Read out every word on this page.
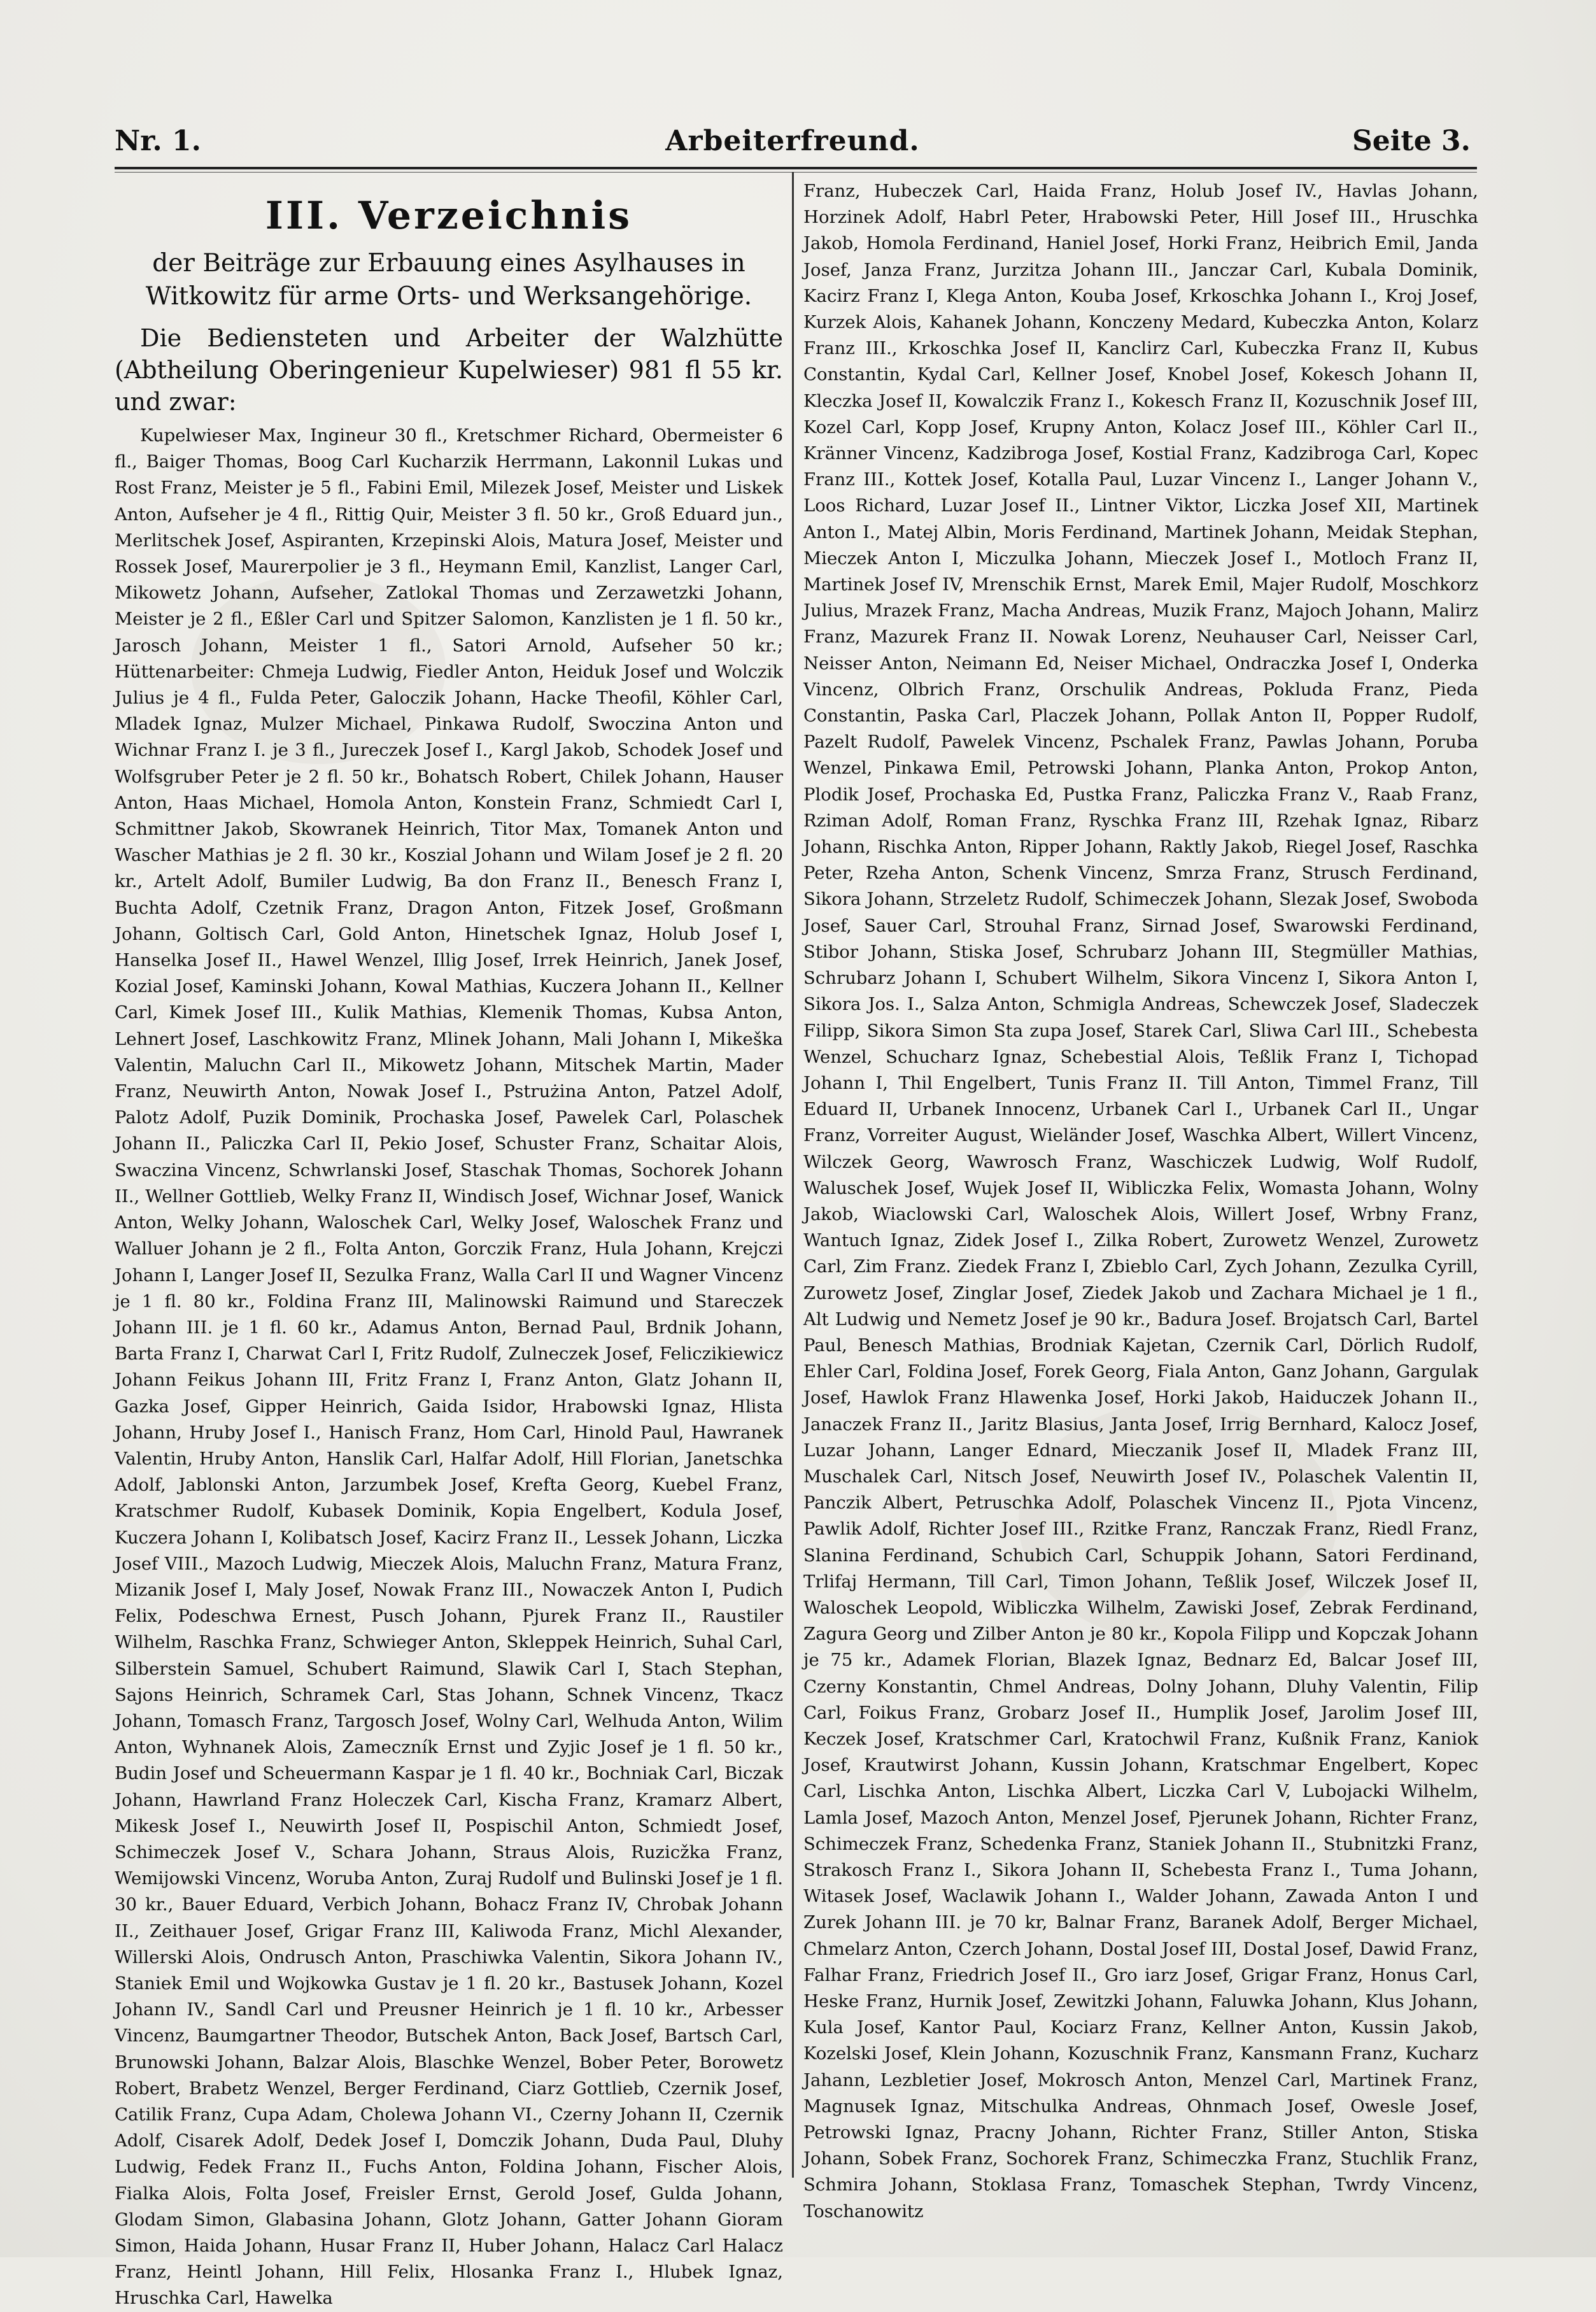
Nr. 1.	Arbeiterfreund.	Seite 3.
III. Verzeichnis
der Beiträge zur Erbauung eines Asylhauses in Witkowitz für arme Orts- und Werksangehörige.

Die Bediensteten und Arbeiter der Walzhütte (Abtheilung Oberingenieur Kupelwieser) 981 fl 55 kr. und zwar:

Kupelwieser Max, Ingineur 30 fl., Kretschmer Richard, Obermeister 6 fl., Baiger Thomas, Boog Carl Kucharzik Herrmann, Lakonnil Lukas und Rost Franz, Meister je 5 fl., Fabini Emil, Milezek Josef, Meister und Liskek Anton, Aufseher je 4 fl., Rittig Quir, Meister 3 fl. 50 kr., Groß Eduard jun., Merlitschek Josef, Aspiranten, Krzepinski Alois, Matura Josef, Meister und Rossek Josef, Maurerpolier je 3 fl., Heymann Emil, Kanzlist, Langer Carl, Mikowetz Johann, Aufseher, Zatlokal Thomas und Zerzawetzki Johann, Meister je 2 fl., Eßler Carl und Spitzer Salomon, Kanzlisten je 1 fl. 50 kr., Jarosch Johann, Meister 1 fl., Satori Arnold, Aufseher 50 kr.; Hüttenarbeiter: Chmeja Ludwig, Fiedler Anton, Heiduk Josef und Wolczik Julius je 4 fl., Fulda Peter, Galoczik Johann, Hacke Theofil, Köhler Carl, Mladek Ignaz, Mulzer Michael, Pinkawa Rudolf, Swoczina Anton und Wichnar Franz I. je 3 fl., Jureczek Josef I., Kargl Jakob, Schodek Josef und Wolfsgruber Peter je 2 fl. 50 kr., Bohatsch Robert, Chilek Johann, Hauser Anton, Haas Michael, Homola Anton, Konstein Franz, Schmiedt Carl I, Schmittner Jakob, Skowranek Heinrich, Titor Max, Tomanek Anton und Wascher Mathias je 2 fl. 30 kr., Koszial Johann und Wilam Josef je 2 fl. 20 kr., Artelt Adolf, Bumiler Ludwig, Ba don Franz II., Benesch Franz I, Buchta Adolf, Czetnik Franz, Dragon Anton, Fitzek Josef, Großmann Johann, Goltisch Carl, Gold Anton, Hinetschek Ignaz, Holub Josef I, Hanselka Josef II., Hawel Wenzel, Illig Josef, Irrek Heinrich, Janek Josef, Kozial Josef, Kaminski Johann, Kowal Mathias, Kuczera Johann II., Kellner Carl, Kimek Josef III., Kulik Mathias, Klemenik Thomas, Kubsa Anton, Lehnert Josef, Laschkowitz Franz, Mlinek Johann, Mali Johann I, Mikeška Valentin, Maluchn Carl II., Mikowetz Johann, Mitschek Martin, Mader Franz, Neuwirth Anton, Nowak Josef I., Pstrużina Anton, Patzel Adolf, Palotz Adolf, Puzik Dominik, Prochaska Josef, Pawelek Carl, Polaschek Johann II., Paliczka Carl II, Pekio Josef, Schuster Franz, Schaitar Alois, Swaczina Vincenz, Schwrlanski Josef, Staschak Thomas, Sochorek Johann II., Wellner Gottlieb, Welky Franz II, Windisch Josef, Wichnar Josef, Wanick Anton, Welky Johann, Waloschek Carl, Welky Josef, Waloschek Franz und Walluer Johann je 2 fl., Folta Anton, Gorczik Franz, Hula Johann, Krejczi Johann I, Langer Josef II, Sezulka Franz, Walla Carl II und Wagner Vincenz je 1 fl. 80 kr., Foldina Franz III, Malinowski Raimund und Stareczek Johann III. je 1 fl. 60 kr., Adamus Anton, Bernad Paul, Brdnik Johann, Barta Franz I, Charwat Carl I, Fritz Rudolf, Zulneczek Josef, Feliczikiewicz Johann Feikus Johann III, Fritz Franz I, Franz Anton, Glatz Johann II, Gazka Josef, Gipper Heinrich, Gaida Isidor, Hrabowski Ignaz, Hlista Johann, Hruby Josef I., Hanisch Franz, Hom Carl, Hinold Paul, Hawranek Valentin, Hruby Anton, Hanslik Carl, Halfar Adolf, Hill Florian, Janetschka Adolf, Jablonski Anton, Jarzumbek Josef, Krefta Georg, Kuebel Franz, Kratschmer Rudolf, Kubasek Dominik, Kopia Engelbert, Kodula Josef, Kuczera Johann I, Kolibatsch Josef, Kacirz Franz II., Lessek Johann, Liczka Josef VIII., Mazoch Ludwig, Mieczek Alois, Maluchn Franz, Matura Franz, Mizanik Josef I, Maly Josef, Nowak Franz III., Nowaczek Anton I, Pudich Felix, Podeschwa Ernest, Pusch Johann, Pjurek Franz II., Raustiler Wilhelm, Raschka Franz, Schwieger Anton, Skleppek Heinrich, Suhal Carl, Silberstein Samuel, Schubert Raimund, Slawik Carl I, Stach Stephan, Sajons Heinrich, Schramek Carl, Stas Johann, Schnek Vincenz, Tkacz Johann, Tomasch Franz, Targosch Josef, Wolny Carl, Welhuda Anton, Wilim Anton, Wyhnanek Alois, Zameczník Ernst und Zyjic Josef je 1 fl. 50 kr., Budin Josef und Scheuermann Kaspar je 1 fl. 40 kr., Bochniak Carl, Biczak Johann, Hawrland Franz Holeczek Carl, Kischa Franz, Kramarz Albert, Mikesk Josef I., Neuwirth Josef II, Pospischil Anton, Schmiedt Josef, Schimeczek Josef V., Schara Johann, Straus Alois, Ruzicžka Franz, Wemijowski Vincenz, Woruba Anton, Zuraj Rudolf und Bulinski Josef je 1 fl. 30 kr., Bauer Eduard, Verbich Johann, Bohacz Franz IV, Chrobak Johann II., Zeithauer Josef, Grigar Franz III, Kaliwoda Franz, Michl Alexander, Willerski Alois, Ondrusch Anton, Praschiwka Valentin, Sikora Johann IV., Staniek Emil und Wojkowka Gustav je 1 fl. 20 kr., Bastusek Johann, Kozel Johann IV., Sandl Carl und Preusner Heinrich je 1 fl. 10 kr., Arbesser Vincenz, Baumgartner Theodor, Butschek Anton, Back Josef, Bartsch Carl, Brunowski Johann, Balzar Alois, Blaschke Wenzel, Bober Peter, Borowetz Robert, Brabetz Wenzel, Berger Ferdinand, Ciarz Gottlieb, Czernik Josef, Catilik Franz, Cupa Adam, Cholewa Johann VI., Czerny Johann II, Czernik Adolf, Cisarek Adolf, Dedek Josef I, Domczik Johann, Duda Paul, Dluhy Ludwig, Fedek Franz II., Fuchs Anton, Foldina Johann, Fischer Alois, Fialka Alois, Folta Josef, Freisler Ernst, Gerold Josef, Gulda Johann, Glodam Simon, Glabasina Johann, Glotz Johann, Gatter Johann Gioram Simon, Haida Johann, Husar Franz II, Huber Johann, Halacz Carl Halacz Franz, Heintl Johann, Hill Felix, Hlosanka Franz I., Hlubek Ignaz, Hruschka Carl, Hawelka

Franz, Hubeczek Carl, Haida Franz, Holub Josef IV., Havlas Johann, Horzinek Adolf, Habrl Peter, Hrabowski Peter, Hill Josef III., Hruschka Jakob, Homola Ferdinand, Haniel Josef, Horki Franz, Heibrich Emil, Janda Josef, Janza Franz, Jurzitza Johann III., Janczar Carl, Kubala Dominik, Kacirz Franz I, Klega Anton, Kouba Josef, Krkoschka Johann I., Kroj Josef, Kurzek Alois, Kahanek Johann, Konczeny Medard, Kubeczka Anton, Kolarz Franz III., Krkoschka Josef II, Kanclirz Carl, Kubeczka Franz II, Kubus Constantin, Kydal Carl, Kellner Josef, Knobel Josef, Kokesch Johann II, Kleczka Josef II, Kowalczik Franz I., Kokesch Franz II, Kozuschnik Josef III, Kozel Carl, Kopp Josef, Krupny Anton, Kolacz Josef III., Köhler Carl II., Kränner Vincenz, Kadzibroga Josef, Kostial Franz, Kadzibroga Carl, Kopec Franz III., Kottek Josef, Kotalla Paul, Luzar Vincenz I., Langer Johann V., Loos Richard, Luzar Josef II., Lintner Viktor, Liczka Josef XII, Martinek Anton I., Matej Albin, Moris Ferdinand, Martinek Johann, Meidak Stephan, Mieczek Anton I, Miczulka Johann, Mieczek Josef I., Motloch Franz II, Martinek Josef IV, Mrenschik Ernst, Marek Emil, Majer Rudolf, Moschkorz Julius, Mrazek Franz, Macha Andreas, Muzik Franz, Majoch Johann, Malirz Franz, Mazurek Franz II. Nowak Lorenz, Neuhauser Carl, Neisser Carl, Neisser Anton, Neimann Ed, Neiser Michael, Ondraczka Josef I, Onderka Vincenz, Olbrich Franz, Orschulik Andreas, Pokluda Franz, Pieda Constantin, Paska Carl, Placzek Johann, Pollak Anton II, Popper Rudolf, Pazelt Rudolf, Pawelek Vincenz, Pschalek Franz, Pawlas Johann, Poruba Wenzel, Pinkawa Emil, Petrowski Johann, Planka Anton, Prokop Anton, Plodik Josef, Prochaska Ed, Pustka Franz, Paliczka Franz V., Raab Franz, Rziman Adolf, Roman Franz, Ryschka Franz III, Rzehak Ignaz, Ribarz Johann, Rischka Anton, Ripper Johann, Raktly Jakob, Riegel Josef, Raschka Peter, Rzeha Anton, Schenk Vincenz, Smrza Franz, Strusch Ferdinand, Sikora Johann, Strzeletz Rudolf, Schimeczek Johann, Slezak Josef, Swoboda Josef, Sauer Carl, Strouhal Franz, Sirnad Josef, Swarowski Ferdinand, Stibor Johann, Stiska Josef, Schrubarz Johann III, Stegmüller Mathias, Schrubarz Johann I, Schubert Wilhelm, Sikora Vincenz I, Sikora Anton I, Sikora Jos. I., Salza Anton, Schmigla Andreas, Schewczek Josef, Sladeczek Filipp, Sikora Simon Sta zupa Josef, Starek Carl, Sliwa Carl III., Schebesta Wenzel, Schucharz Ignaz, Schebestial Alois, Teßlik Franz I, Tichopad Johann I, Thil Engelbert, Tunis Franz II. Till Anton, Timmel Franz, Till Eduard II, Urbanek Innocenz, Urbanek Carl I., Urbanek Carl II., Ungar Franz, Vorreiter August, Wieländer Josef, Waschka Albert, Willert Vincenz, Wilczek Georg, Wawrosch Franz, Waschiczek Ludwig, Wolf Rudolf, Waluschek Josef, Wujek Josef II, Wibliczka Felix, Womasta Johann, Wolny Jakob, Wiaclowski Carl, Waloschek Alois, Willert Josef, Wrbny Franz, Wantuch Ignaz, Zidek Josef I., Zilka Robert, Zurowetz Wenzel, Zurowetz Carl, Zim Franz. Ziedek Franz I, Zbieblo Carl, Zych Johann, Zezulka Cyrill, Zurowetz Josef, Zinglar Josef, Ziedek Jakob und Zachara Michael je 1 fl., Alt Ludwig und Nemetz Josef je 90 kr., Badura Josef. Brojatsch Carl, Bartel Paul, Benesch Mathias, Brodniak Kajetan, Czernik Carl, Dörlich Rudolf, Ehler Carl, Foldina Josef, Forek Georg, Fiala Anton, Ganz Johann, Gargulak Josef, Hawlok Franz Hlawenka Josef, Horki Jakob, Haiduczek Johann II., Janaczek Franz II., Jaritz Blasius, Janta Josef, Irrig Bernhard, Kalocz Josef, Luzar Johann, Langer Ednard, Mieczanik Josef II, Mladek Franz III, Muschalek Carl, Nitsch Josef, Neuwirth Josef IV., Polaschek Valentin II, Panczik Albert, Petruschka Adolf, Polaschek Vincenz II., Pjota Vincenz, Pawlik Adolf, Richter Josef III., Rzitke Franz, Ranczak Franz, Riedl Franz, Slanina Ferdinand, Schubich Carl, Schuppik Johann, Satori Ferdinand, Trlifaj Hermann, Till Carl, Timon Johann, Teßlik Josef, Wilczek Josef II, Waloschek Leopold, Wibliczka Wilhelm, Zawiski Josef, Zebrak Ferdinand, Zagura Georg und Zilber Anton je 80 kr., Kopola Filipp und Kopczak Johann je 75 kr., Adamek Florian, Blazek Ignaz, Bednarz Ed, Balcar Josef III, Czerny Konstantin, Chmel Andreas, Dolny Johann, Dluhy Valentin, Filip Carl, Foikus Franz, Grobarz Josef II., Humplik Josef, Jarolim Josef III, Keczek Josef, Kratschmer Carl, Kratochwil Franz, Kußnik Franz, Kaniok Josef, Krautwirst Johann, Kussin Johann, Kratschmar Engelbert, Kopec Carl, Lischka Anton, Lischka Albert, Liczka Carl V, Lubojacki Wilhelm, Lamla Josef, Mazoch Anton, Menzel Josef, Pjerunek Johann, Richter Franz, Schimeczek Franz, Schedenka Franz, Staniek Johann II., Stubnitzki Franz, Strakosch Franz I., Sikora Johann II, Schebesta Franz I., Tuma Johann, Witasek Josef, Waclawik Johann I., Walder Johann, Zawada Anton I und Zurek Johann III. je 70 kr, Balnar Franz, Baranek Adolf, Berger Michael, Chmelarz Anton, Czerch Johann, Dostal Josef III, Dostal Josef, Dawid Franz, Falhar Franz, Friedrich Josef II., Gro iarz Josef, Grigar Franz, Honus Carl, Heske Franz, Hurnik Josef, Zewitzki Johann, Faluwka Johann, Klus Johann, Kula Josef, Kantor Paul, Kociarz Franz, Kellner Anton, Kussin Jakob, Kozelski Josef, Klein Johann, Kozuschnik Franz, Kansmann Franz, Kucharz Jahann, Lezbletier Josef, Mokrosch Anton, Menzel Carl, Martinek Franz, Magnusek Ignaz, Mitschulka Andreas, Ohnmach Josef, Owesle Josef, Petrowski Ignaz, Pracny Johann, Richter Franz, Stiller Anton, Stiska Johann, Sobek Franz, Sochorek Franz, Schimeczka Franz, Stuchlik Franz, Schmira Johann, Stoklasa Franz, Tomaschek Stephan, Twrdy Vincenz, Toschanowitz
